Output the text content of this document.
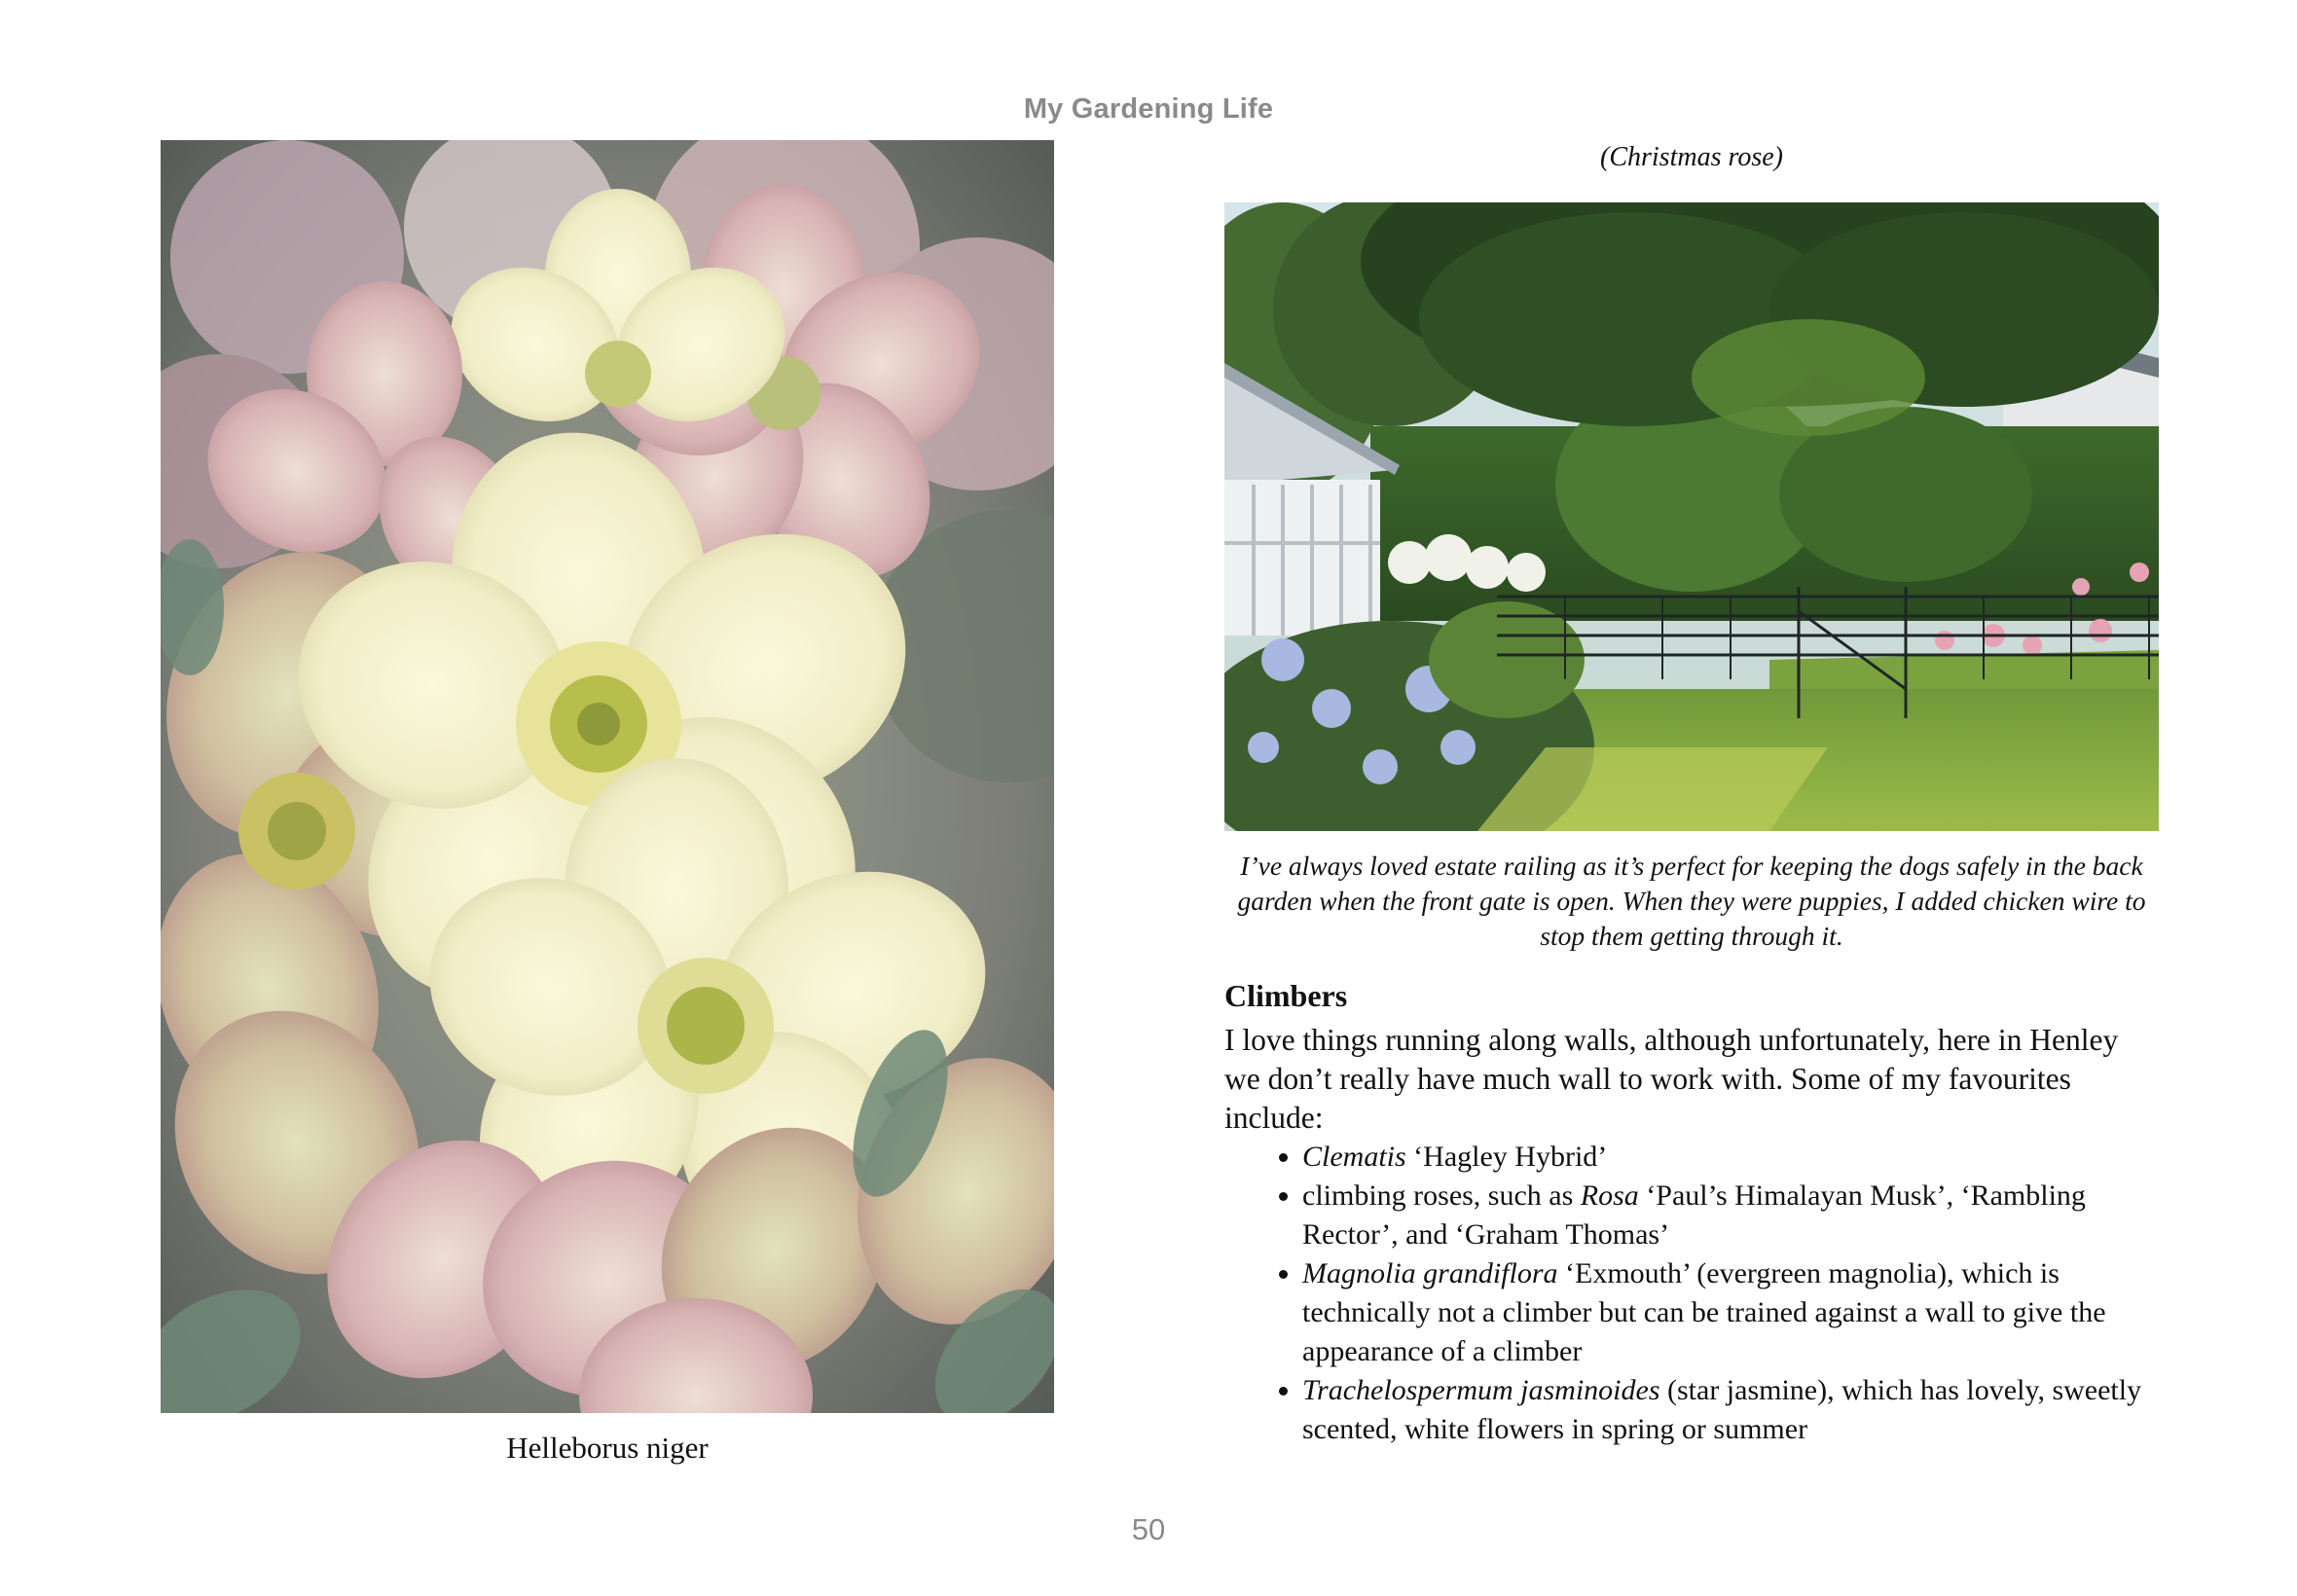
My Gardening Life
Helleborus niger
(Christmas rose)
I’ve always loved estate railing as it’s perfect for keeping the dogs safely in the back garden when the front gate is open. When they were puppies, I added chicken wire to stop them getting through it.
Climbers

I love things running along walls, although unfortunately, here in Henley we don’t really have much wall to work with. Some of my favourites include:

• Clematis ‘Hagley Hybrid’
• climbing roses, such as Rosa ‘Paul’s Himalayan Musk’, ‘Rambling Rector’, and ‘Graham Thomas’
• Magnolia grandiflora ‘Exmouth’ (evergreen magnolia), which is technically not a climber but can be trained against a wall to give the appearance of a climber
• Trachelospermum jasminoides (star jasmine), which has lovely, sweetly scented, white flowers in spring or summer
50
